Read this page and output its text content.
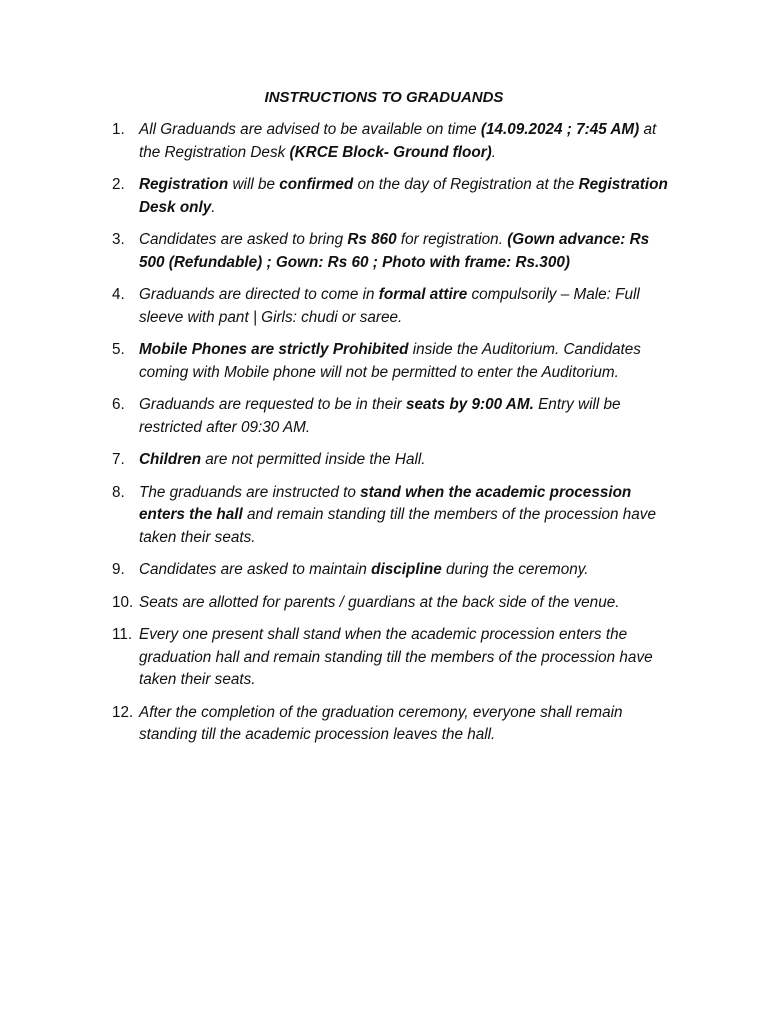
INSTRUCTIONS TO GRADUANDS
1. All Graduands are advised to be available on time (14.09.2024 ; 7:45 AM) at the Registration Desk (KRCE Block- Ground floor).
2. Registration will be confirmed on the day of Registration at the Registration Desk only.
3. Candidates are asked to bring Rs 860 for registration. (Gown advance: Rs 500 (Refundable) ; Gown: Rs 60 ; Photo with frame: Rs.300)
4. Graduands are directed to come in formal attire compulsorily – Male: Full sleeve with pant | Girls: chudi or saree.
5. Mobile Phones are strictly Prohibited inside the Auditorium. Candidates coming with Mobile phone will not be permitted to enter the Auditorium.
6. Graduands are requested to be in their seats by 9:00 AM. Entry will be restricted after 09:30 AM.
7. Children are not permitted inside the Hall.
8. The graduands are instructed to stand when the academic procession enters the hall and remain standing till the members of the procession have taken their seats.
9. Candidates are asked to maintain discipline during the ceremony.
10. Seats are allotted for parents / guardians at the back side of the venue.
11. Every one present shall stand when the academic procession enters the graduation hall and remain standing till the members of the procession have taken their seats.
12. After the completion of the graduation ceremony, everyone shall remain standing till the academic procession leaves the hall.
